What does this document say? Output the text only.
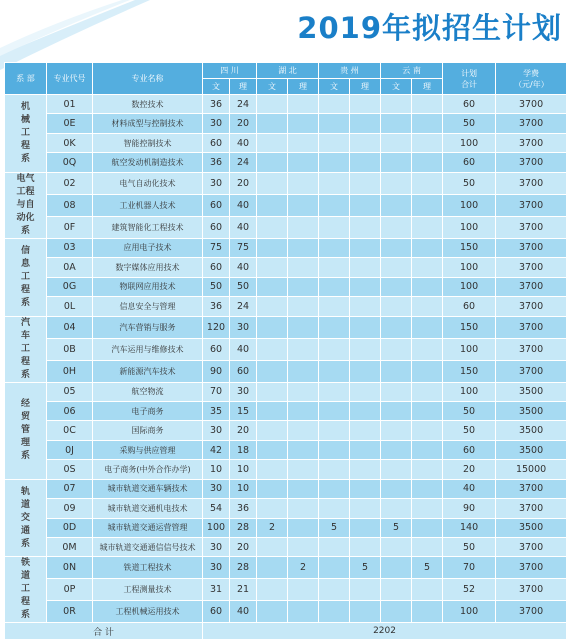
2019年拟招生计划
系 部	专业代号	专业名称	四 川		湖 北		贵 州		云 南		计划合计	学费（元/年）
			文	理	文	理	文	理	文	理		
机械工程系	01	数控技术	36	24							60	3700
	0E	材料成型与控制技术	30	20							50	3700
	0K	智能控制技术	60	40							100	3700
	0Q	航空发动机制造技术	36	24							60	3700
电气工程与自动化系	02	电气自动化技术	30	20							50	3700
	08	工业机器人技术	60	40							100	3700
	0F	建筑智能化工程技术	60	40							100	3700
信息工程系	03	应用电子技术	75	75							150	3700
	0A	数字媒体应用技术	60	40							100	3700
	0G	物联网应用技术	50	50							100	3700
	0L	信息安全与管理	36	24							60	3700
汽车工程系	04	汽车营销与服务	120	30							150	3700
	0B	汽车运用与维修技术	60	40							100	3700
	0H	新能源汽车技术	90	60							150	3700
经贸管理系	05	航空物流	70	30							100	3500
	06	电子商务	35	15							50	3500
	0C	国际商务	30	20							50	3500
	0J	采购与供应管理	42	18							60	3500
	0S	电子商务(中外合作办学)	10	10							20	15000
轨道交通系	07	城市轨道交通车辆技术	30	10							40	3700
	09	城市轨道交通机电技术	54	36							90	3700
	0D	城市轨道交通运营管理	100	28	2		5		5		140	3500
	0M	城市轨道交通通信信号技术	30	20							50	3700
铁道工程系	0N	铁道工程技术	30	28		2		5		5	70	3700
	0P	工程测量技术	31	21							52	3700
	0R	工程机械运用技术	60	40							100	3700
合 计			2202									
